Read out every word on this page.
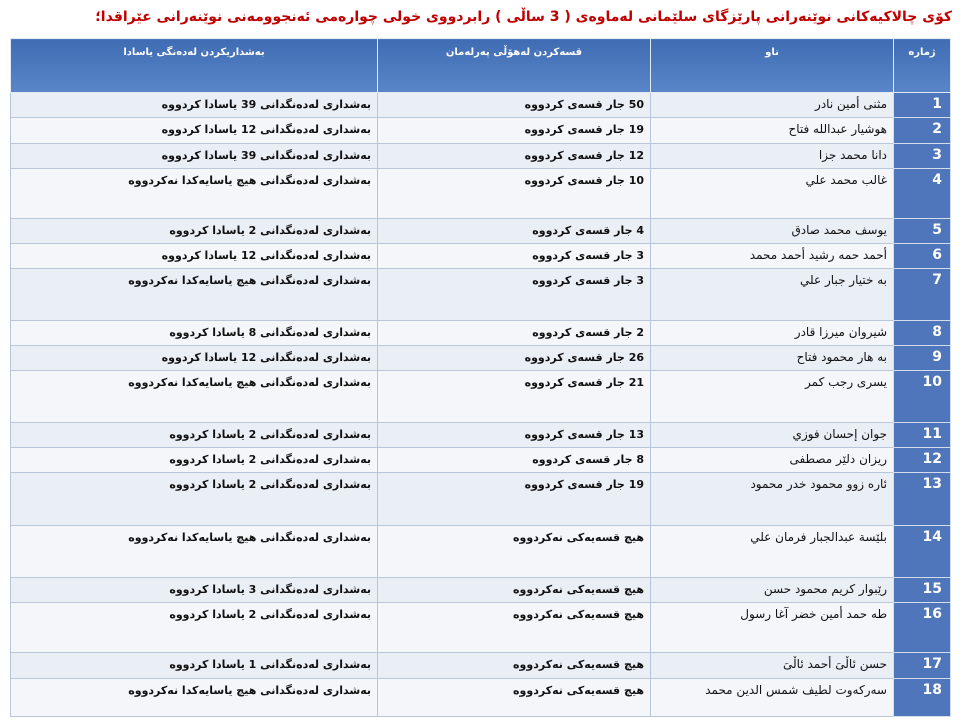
کۆی چالاکیەکانی نوێنەرانی پارێزگای سلێمانی لەماوەی ( 3 ساڵی ) رابردووی خولی چوارەمی ئەنجوومەنی نوێنەرانی عێراقدا؛
ژمارە	ناو	قسەکردن لەهۆڵی پەرلەمان	بەشداریکردن لەدەنگی یاسادا
1	مثنى أمين نادر	50 جار قسەی کردووە	بەشداری لەدەنگدانی 39 یاسادا کردووە
2	هوشيار عبدالله فتاح	19 جار قسەی کردووە	بەشداری لەدەنگدانی 12 یاسادا کردووە
3	دانا محمد جزا	12 جار قسەی کردووە	بەشداری لەدەنگدانی 39 یاسادا کردووە
4	غالب محمد علي	10 جار قسەی کردووە	بەشداری لەدەنگدانی هیچ یاسایەکدا نەکردووە
5	يوسف محمد صادق	4 جار قسەی کردووە	بەشداری لەدەنگدانی 2 یاسادا کردووە
6	أحمد حمه رشيد أحمد محمد	3 جار قسەی کردووە	بەشداری لەدەنگدانی 12 یاسادا کردووە
7	به ختيار جبار علي	3 جار قسەی کردووە	بەشداری لەدەنگدانی هیچ یاسایەکدا نەکردووە
8	شيروان ميرزا قادر	2 جار قسەی کردووە	بەشداری لەدەنگدانی 8 یاسادا کردووە
9	به هار محمود فتاح	26 جار قسەی کردووە	بەشداری لەدەنگدانی 12 یاسادا کردووە
10	يسرى رجب كمر	21 جار قسەی کردووە	بەشداری لەدەنگدانی هیچ یاسایەکدا نەکردووە
11	جوان إحسان فوزي	13 جار قسەی کردووە	بەشداری لەدەنگدانی 2 یاسادا کردووە
12	ريزان دلێر مصطفى	8 جار قسەی کردووە	بەشداری لەدەنگدانی 2 یاسادا کردووە
13	ئاره زوو محمود خدر محمود	19 جار قسەی کردووە	بەشداری لەدەنگدانی 2 یاسادا کردووە
14	بلێسة عبدالجبار فرمان علي	هیچ قسەیەکی نەکردووە	بەشداری لەدەنگدانی هیچ یاسایەکدا نەکردووە
15	رێبوار كريم محمود حسن	هیچ قسەیەکی نەکردووە	بەشداری لەدەنگدانی 3 یاسادا کردووە
16	طه حمد أمين خضر آغا رسول	هیچ قسەیەکی نەکردووە	بەشداری لەدەنگدانی 2 یاسادا کردووە
17	حسن ئاڵیَ أحمد ئاڵیَ	هیچ قسەیەکی نەکردووە	بەشداری لەدەنگدانی 1 یاسادا کردووە
18	سەرکەوت لطيف شمس الدين محمد	هیچ قسەیەکی نەکردووە	بەشداری لەدەنگدانی هیچ یاسایەکدا نەکردووە
